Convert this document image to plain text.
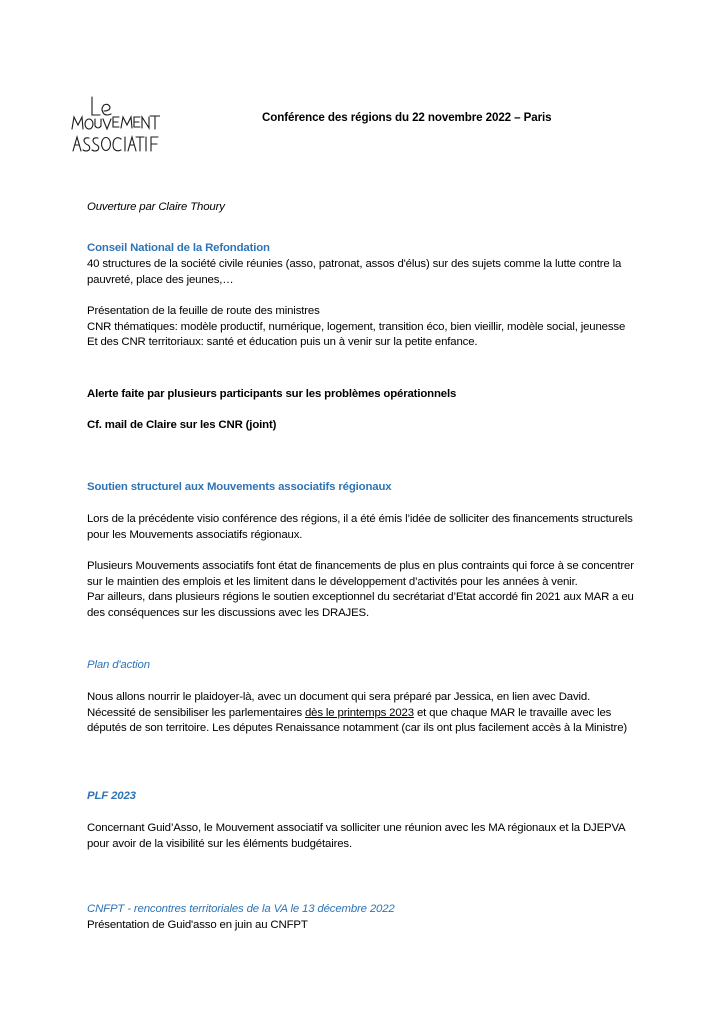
Conférence des régions du 22 novembre 2022 – Paris
Ouverture par Claire Thoury
Conseil National de la Refondation
40 structures de la société civile réunies (asso, patronat, assos d'élus) sur des sujets comme la lutte contre la pauvreté, place des jeunes,…

Présentation de la feuille de route des ministres

CNR thématiques: modèle productif, numérique, logement, transition éco, bien vieillir, modèle social, jeunesse

Et des CNR territoriaux: santé et éducation puis un à venir sur la petite enfance.

Alerte faite par plusieurs participants sur les problèmes opérationnels
Cf. mail de Claire sur les CNR (joint)
Soutien structurel aux Mouvements associatifs régionaux
Lors de la précédente visio conférence des régions, il a été émis l’idée de solliciter des financements structurels pour les Mouvements associatifs régionaux.

Plusieurs Mouvements associatifs font état de financements de plus en plus contraints qui force à se concentrer sur le maintien des emplois et les limitent dans le développement d’activités pour les années à venir.

Par ailleurs, dans plusieurs régions le soutien exceptionnel du secrétariat d’Etat accordé fin 2021 aux MAR a eu des conséquences sur les discussions avec les DRAJES.

Plan d'action

Nous allons nourrir le plaidoyer-là, avec un document qui sera préparé par Jessica, en lien avec David.

Nécessité de sensibiliser les parlementaires dès le printemps 2023 et que chaque MAR le travaille avec les députés de son territoire. Les députes Renaissance notamment (car ils ont plus facilement accès à la Ministre)

PLF 2023
Concernant Guid’Asso, le Mouvement associatif va solliciter une réunion avec les MA régionaux et la DJEPVA pour avoir de la visibilité sur les éléments budgétaires.
CNFPT - rencontres territoriales de la VA le 13 décembre 2022
Présentation de Guid'asso en juin au CNFPT
